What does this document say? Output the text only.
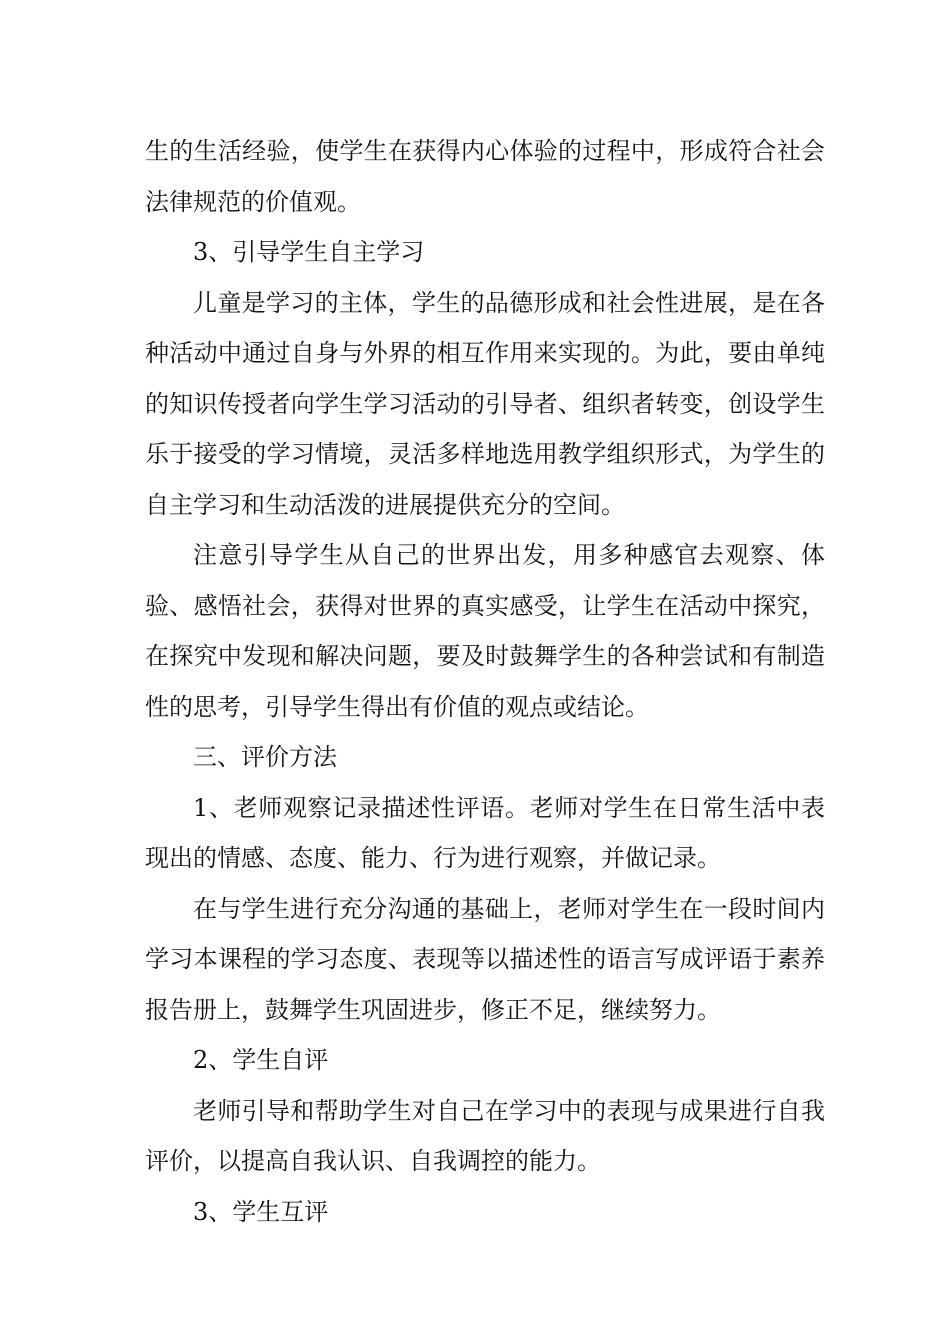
生的生活经验，使学生在获得内心体验的过程中，形成符合社会法律规范的价值观。

3、引导学生自主学习

儿童是学习的主体，学生的品德形成和社会性进展，是在各种活动中通过自身与外界的相互作用来实现的。为此，要由单纯的知识传授者向学生学习活动的引导者、组织者转变，创设学生乐于接受的学习情境，灵活多样地选用教学组织形式，为学生的自主学习和生动活泼的进展提供充分的空间。

注意引导学生从自己的世界出发，用多种感官去观察、体验、感悟社会，获得对世界的真实感受，让学生在活动中探究，在探究中发现和解决问题，要及时鼓舞学生的各种尝试和有制造性的思考，引导学生得出有价值的观点或结论。

三、评价方法

1、老师观察记录描述性评语。老师对学生在日常生活中表现出的情感、态度、能力、行为进行观察，并做记录。

在与学生进行充分沟通的基础上，老师对学生在一段时间内学习本课程的学习态度、表现等以描述性的语言写成评语于素养报告册上，鼓舞学生巩固进步，修正不足，继续努力。

2、学生自评

老师引导和帮助学生对自己在学习中的表现与成果进行自我评价，以提高自我认识、自我调控的能力。

3、学生互评
